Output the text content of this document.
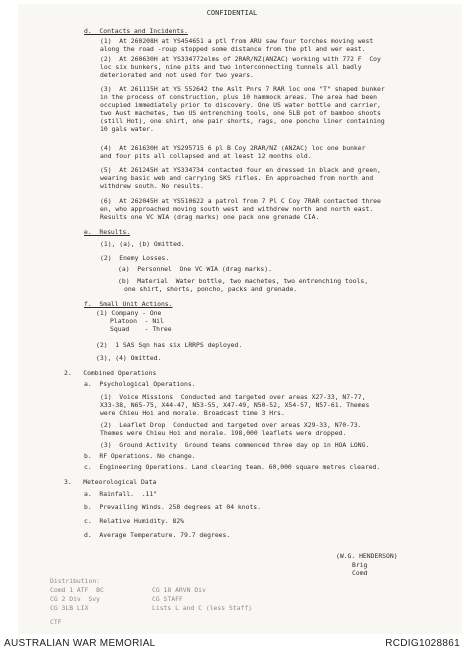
CONFIDENTIAL
d.  Contacts and Incidents.
(1)  At 260208H at YS454651 a ptl from ARU saw four torches moving west
along the road -roup stopped some distance from the ptl and wer east.
(2)  At 260630H at YS334772elms of 2RAR/NZ(ANZAC) working with 772 F  Coy
loc six bunkers, nine pits and two interconnecting tunnels all badly
deteriorated and not used for two years.
(3)  At 261115H at YS 552642 the Aslt Pnrs 7 RAR loc one "T" shaped bunker
in the process of construction, plus 10 hammock areas. The area had been
occupied immediately prior to discovery. One US water bottle and carrier,
two Aust machetes, two US entrenching tools, one 5LB pot of bamboo shoots
(still Hot), one shirt, one pair shorts, rags, one poncho liner containing
10 gals water.
(4)  At 261630H at YS295715 6 pl B Coy 2RAR/NZ (ANZAC) loc one bunker
and four pits all collapsed and at least 12 months old.
(5)  At 261245H at YS334734 contacted four en dressed in black and green,
wearing basic web and carrying SKS rifles. En approached from north and
withdrew south. No results.
(6)  At 262045H at YS510622 a patrol from 7 Pl C Coy 7RAR contacted three
en, who approached moving south west and withdrew north and north east.
Results one VC WIA (drag marks) one pack one grenade CIA.
e.  Results.
(1), (a), (b) Omitted.
(2)  Enemy Losses.
(a)  Personnel  One VC WIA (drag marks).
(b)  Material  Water bottle, two machetes, two entrenching tools,
one shirt, shorts, poncho, packs and grenade.
f.  Small Unit Actions.
(1) Company - One
Platoon  - Nil
Squad    - Three
(2)  1 SAS Sqn has six LRRPS deployed.
(3), (4) Omitted.
2.   Combined Operations
a.  Psychological Operations.
(1)  Voice Missions  Conducted and targeted over areas X27-33, N7-77,
X33-38, N65-75, X44-47, N53-55, X47-49, N50-52, X54-57, N57-61. Themes
were Chieu Hoi and morale. Broadcast time 3 Hrs.
(2)  Leaflet Drop  Conducted and targeted over areas X29-33, N70-73.
Themes were Chieu Hoi and morale. 198,000 leaflets were dropped.
(3)  Ground Activity  Ground teams commenced three day op in HOA LONG.
b.  RF Operations. No change.
c.  Engineering Operations. Land clearing team. 60,000 square metres cleared.
3.   Meteorological Data
a.  Rainfall.  .11"
b.  Prevailing Winds. 258 degrees at 04 knots.
c.  Relative Humidity. 82%
d.  Average Temperature. 79.7 degrees.
(W.G. HENDERSON)
Brig
Comd
Distribution:
Comd 1 ATF  BC
CG 2 Div  Svy
CG 3LB LIX
CG 18 ARVN Div
CG STAFF
Lists L and C (less Staff)
CTF
AUSTRALIAN WAR MEMORIAL	RCDIG1028861
